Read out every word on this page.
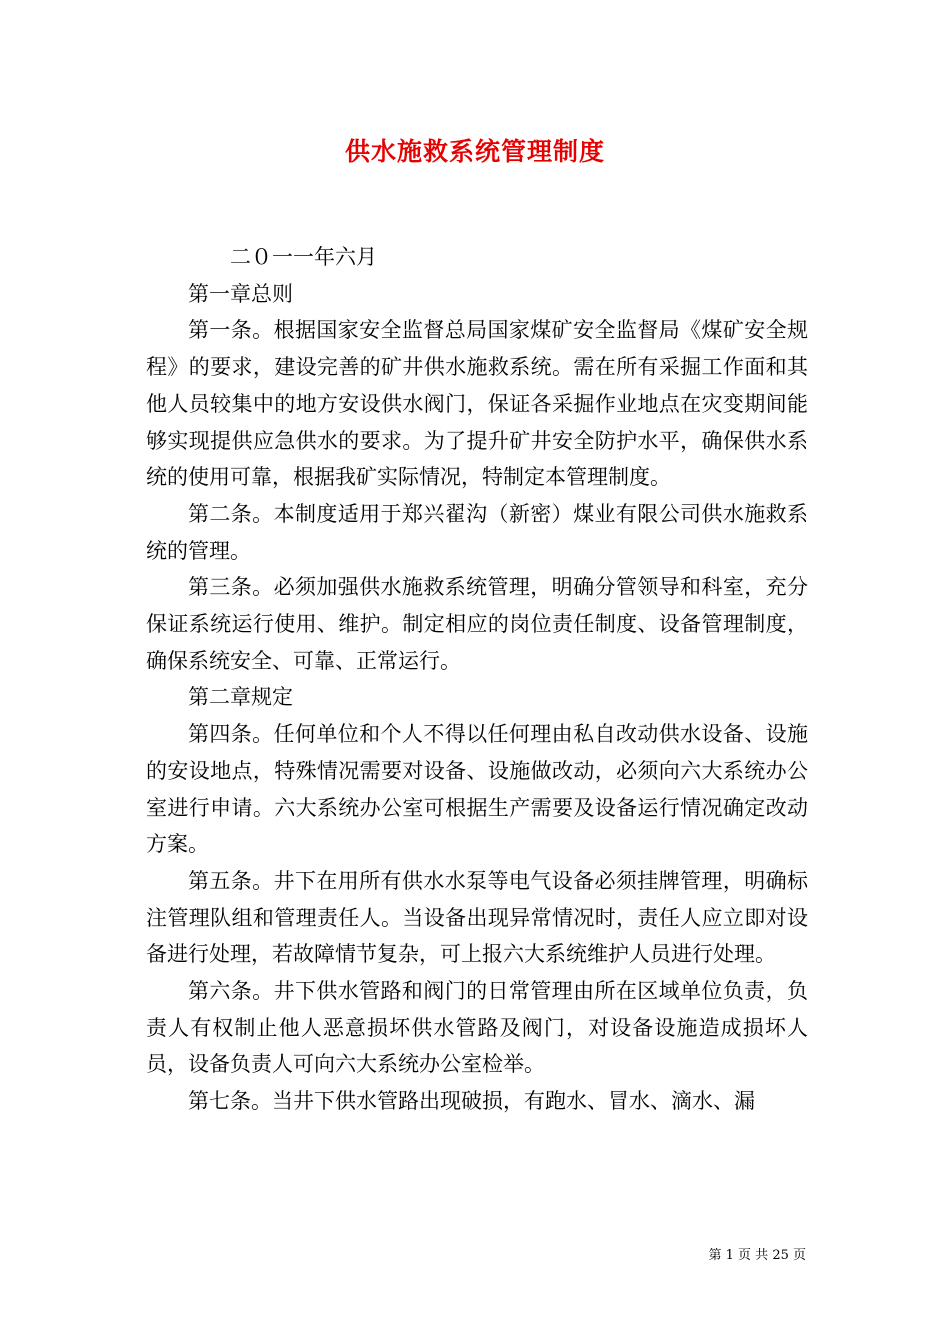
供水施救系统管理制度

二０一一年六月

第一章总则

第一条。根据国家安全监督总局国家煤矿安全监督局《煤矿安全规程》的要求，建设完善的矿井供水施救系统。需在所有采掘工作面和其他人员较集中的地方安设供水阀门，保证各采掘作业地点在灾变期间能够实现提供应急供水的要求。为了提升矿井安全防护水平，确保供水系统的使用可靠，根据我矿实际情况，特制定本管理制度。

第二条。本制度适用于郑兴翟沟（新密）煤业有限公司供水施救系统的管理。

第三条。必须加强供水施救系统管理，明确分管领导和科室，充分保证系统运行使用、维护。制定相应的岗位责任制度、设备管理制度，确保系统安全、可靠、正常运行。

第二章规定

第四条。任何单位和个人不得以任何理由私自改动供水设备、设施的安设地点，特殊情况需要对设备、设施做改动，必须向六大系统办公室进行申请。六大系统办公室可根据生产需要及设备运行情况确定改动方案。

第五条。井下在用所有供水水泵等电气设备必须挂牌管理，明确标注管理队组和管理责任人。当设备出现异常情况时，责任人应立即对设备进行处理，若故障情节复杂，可上报六大系统维护人员进行处理。

第六条。井下供水管路和阀门的日常管理由所在区域单位负责，负责人有权制止他人恶意损坏供水管路及阀门，对设备设施造成损坏人员，设备负责人可向六大系统办公室检举。

第七条。当井下供水管路出现破损，有跑水、冒水、滴水、漏

第 1 页 共 25 页
